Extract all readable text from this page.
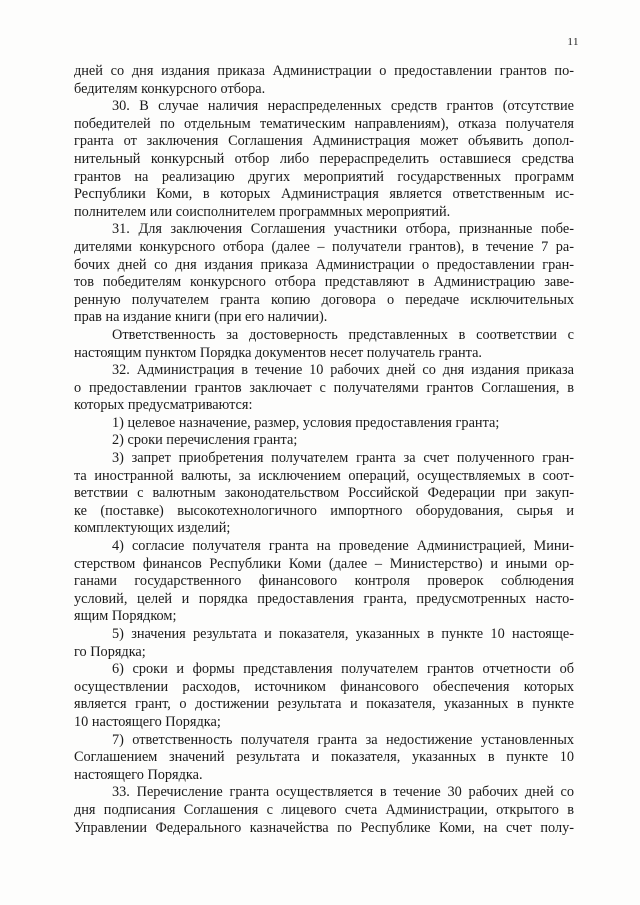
11

дней со дня издания приказа Администрации о предоставлении грантов по-
бедителям конкурсного отбора.

30. В случае наличия нераспределенных средств грантов (отсутствие
победителей по отдельным тематическим направлениям), отказа получателя
гранта от заключения Соглашения Администрация может объявить допол-
нительный конкурсный отбор либо перераспределить оставшиеся средства
грантов на реализацию других мероприятий государственных программ
Республики Коми, в которых Администрация является ответственным ис-
полнителем или соисполнителем программных мероприятий.

31. Для заключения Соглашения участники отбора, признанные побе-
дителями конкурсного отбора (далее – получатели грантов), в течение 7 ра-
бочих дней со дня издания приказа Администрации о предоставлении гран-
тов победителям конкурсного отбора представляют в Администрацию заве-
ренную получателем гранта копию договора о передаче исключительных
прав на издание книги (при его наличии).

Ответственность за достоверность представленных в соответствии с
настоящим пунктом Порядка документов несет получатель гранта.

32. Администрация в течение 10 рабочих дней со дня издания приказа
о предоставлении грантов заключает с получателями грантов Соглашения, в
которых предусматриваются:

1) целевое назначение, размер, условия предоставления гранта;

2) сроки перечисления гранта;

3) запрет приобретения получателем гранта за счет полученного гран-
та иностранной валюты, за исключением операций, осуществляемых в соот-
ветствии с валютным законодательством Российской Федерации при закуп-
ке (поставке) высокотехнологичного импортного оборудования, сырья и
комплектующих изделий;

4) согласие получателя гранта на проведение Администрацией, Мини-
стерством финансов Республики Коми (далее – Министерство) и иными ор-
ганами государственного финансового контроля проверок соблюдения
условий, целей и порядка предоставления гранта, предусмотренных насто-
ящим Порядком;

5) значения результата и показателя, указанных в пункте 10 настояще-
го Порядка;

6) сроки и формы представления получателем грантов отчетности об
осуществлении расходов, источником финансового обеспечения которых
является грант, о достижении результата и показателя, указанных в пункте
10 настоящего Порядка;

7) ответственность получателя гранта за недостижение установленных
Соглашением значений результата и показателя, указанных в пункте 10
настоящего Порядка.

33. Перечисление гранта осуществляется в течение 30 рабочих дней со
дня подписания Соглашения с лицевого счета Администрации, открытого в
Управлении Федерального казначейства по Республике Коми, на счет полу-
